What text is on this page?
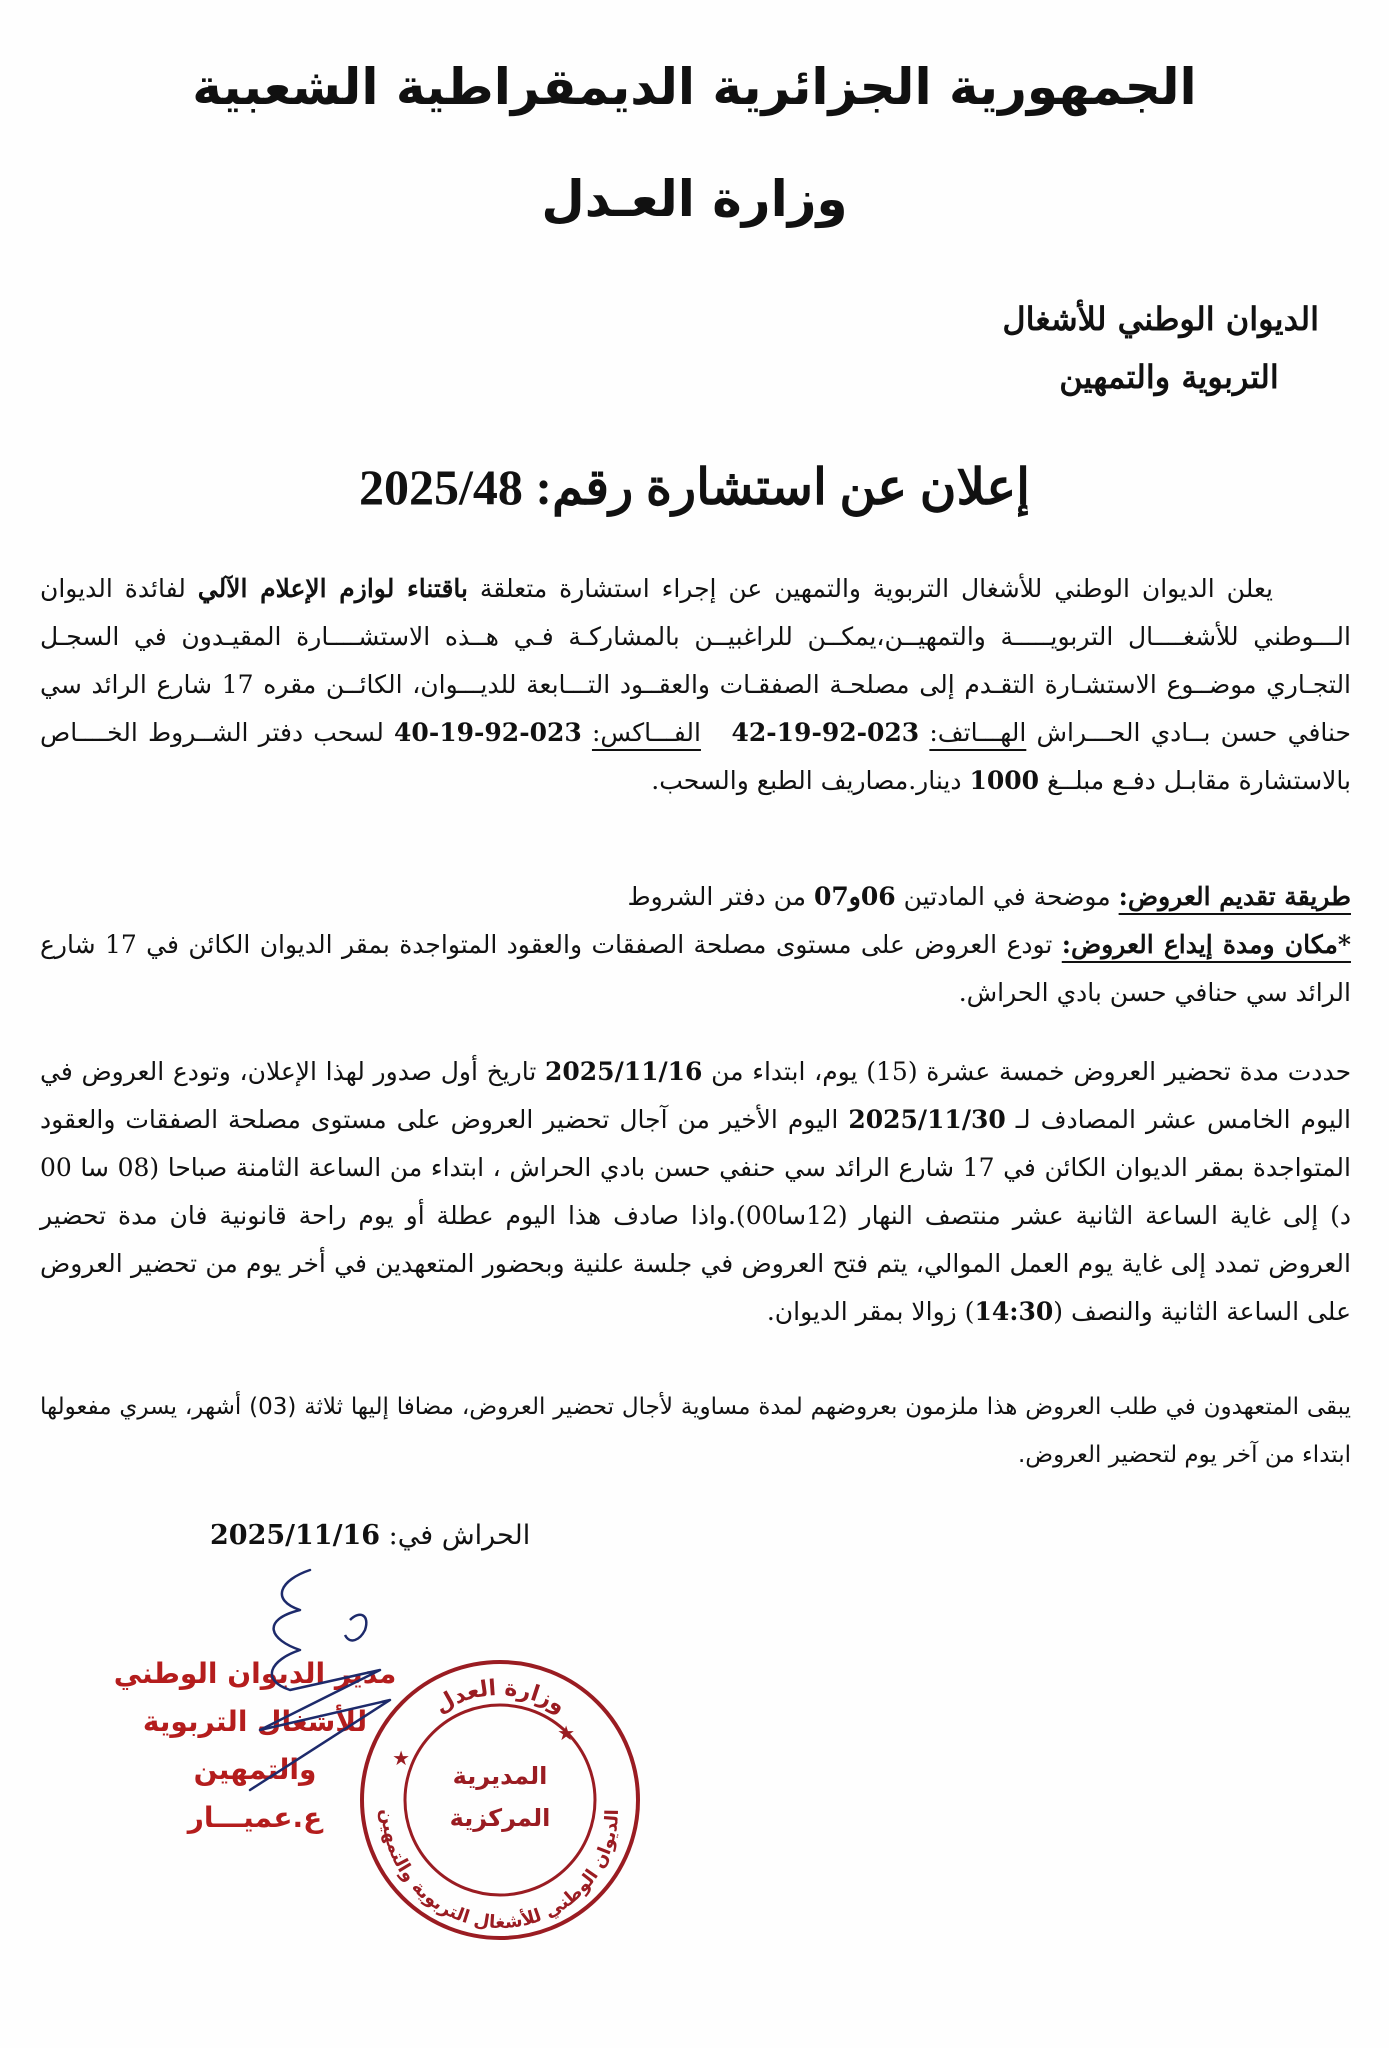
الجمهورية الجزائرية الديمقراطية الشعبية
وزارة العـدل
الديوان الوطني للأشغال
التربوية والتمهين
إعلان عن استشارة رقم: 2025/48
يعلن الديوان الوطني للأشغال التربوية والتمهين عن إجراء استشارة متعلقة باقتناء لوازم الإعلام الآلي لفائدة الديوان الـــوطني للأشغــــال التربويـــــة والتمهيــن،يمكــن للراغبيــن بالمشاركـة فـي هــذه الاستشــــارة المقيـدون في السجـل التجـاري موضــوع الاستشـارة التقـدم إلى مصلحـة الصفقـات والعقــود التـــابعة للديـــوان، الكائــن مقره 17 شارع الرائد سي حنافي حسن بــادي الحـــراش الهـــاتف: 023-92-19-42   الفـــاكس: 023-92-19-40 لسحب دفتر الشــروط الخــــاص بالاستشارة مقابـل دفـع مبلــغ 1000 دينار.مصاريف الطبع والسحب.
طريقة تقديم العروض: موضحة في المادتين 06و07 من دفتر الشروط
*مكان ومدة إيداع العروض: تودع العروض على مستوى مصلحة الصفقات والعقود المتواجدة بمقر الديوان الكائن في 17 شارع الرائد سي حنافي حسن بادي الحراش.
حددت مدة تحضير العروض خمسة عشرة (15) يوم، ابتداء من 2025/11/16 تاريخ أول صدور لهذا الإعلان، وتودع العروض في اليوم الخامس عشر المصادف لـ 2025/11/30 اليوم الأخير من آجال تحضير العروض على مستوى مصلحة الصفقات والعقود المتواجدة بمقر الديوان الكائن في 17 شارع الرائد سي حنفي حسن بادي الحراش ، ابتداء من الساعة الثامنة صباحا (08 سا 00 د) إلى غاية الساعة الثانية عشر منتصف النهار (12سا00).واذا صادف هذا اليوم عطلة أو يوم راحة قانونية فان مدة تحضير العروض تمدد إلى غاية يوم العمل الموالي، يتم فتح العروض في جلسة علنية وبحضور المتعهدين في أخر يوم من تحضير العروض على الساعة الثانية والنصف (14:30) زوالا بمقر الديوان.
يبقى المتعهدون في طلب العروض هذا ملزمون بعروضهم لمدة مساوية لأجال تحضير العروض، مضافا إليها ثلاثة (03) أشهر، يسري مفعولها ابتداء من آخر يوم لتحضير العروض.
الحراش في: 2025/11/16
مدير الديوان الوطني
للأشغال التربوية والتمهين
ع.عميـــار
وزارة العدل
الديوان الوطني للأشغال التربوية والتمهين
★
★
المديرية
المركزية
